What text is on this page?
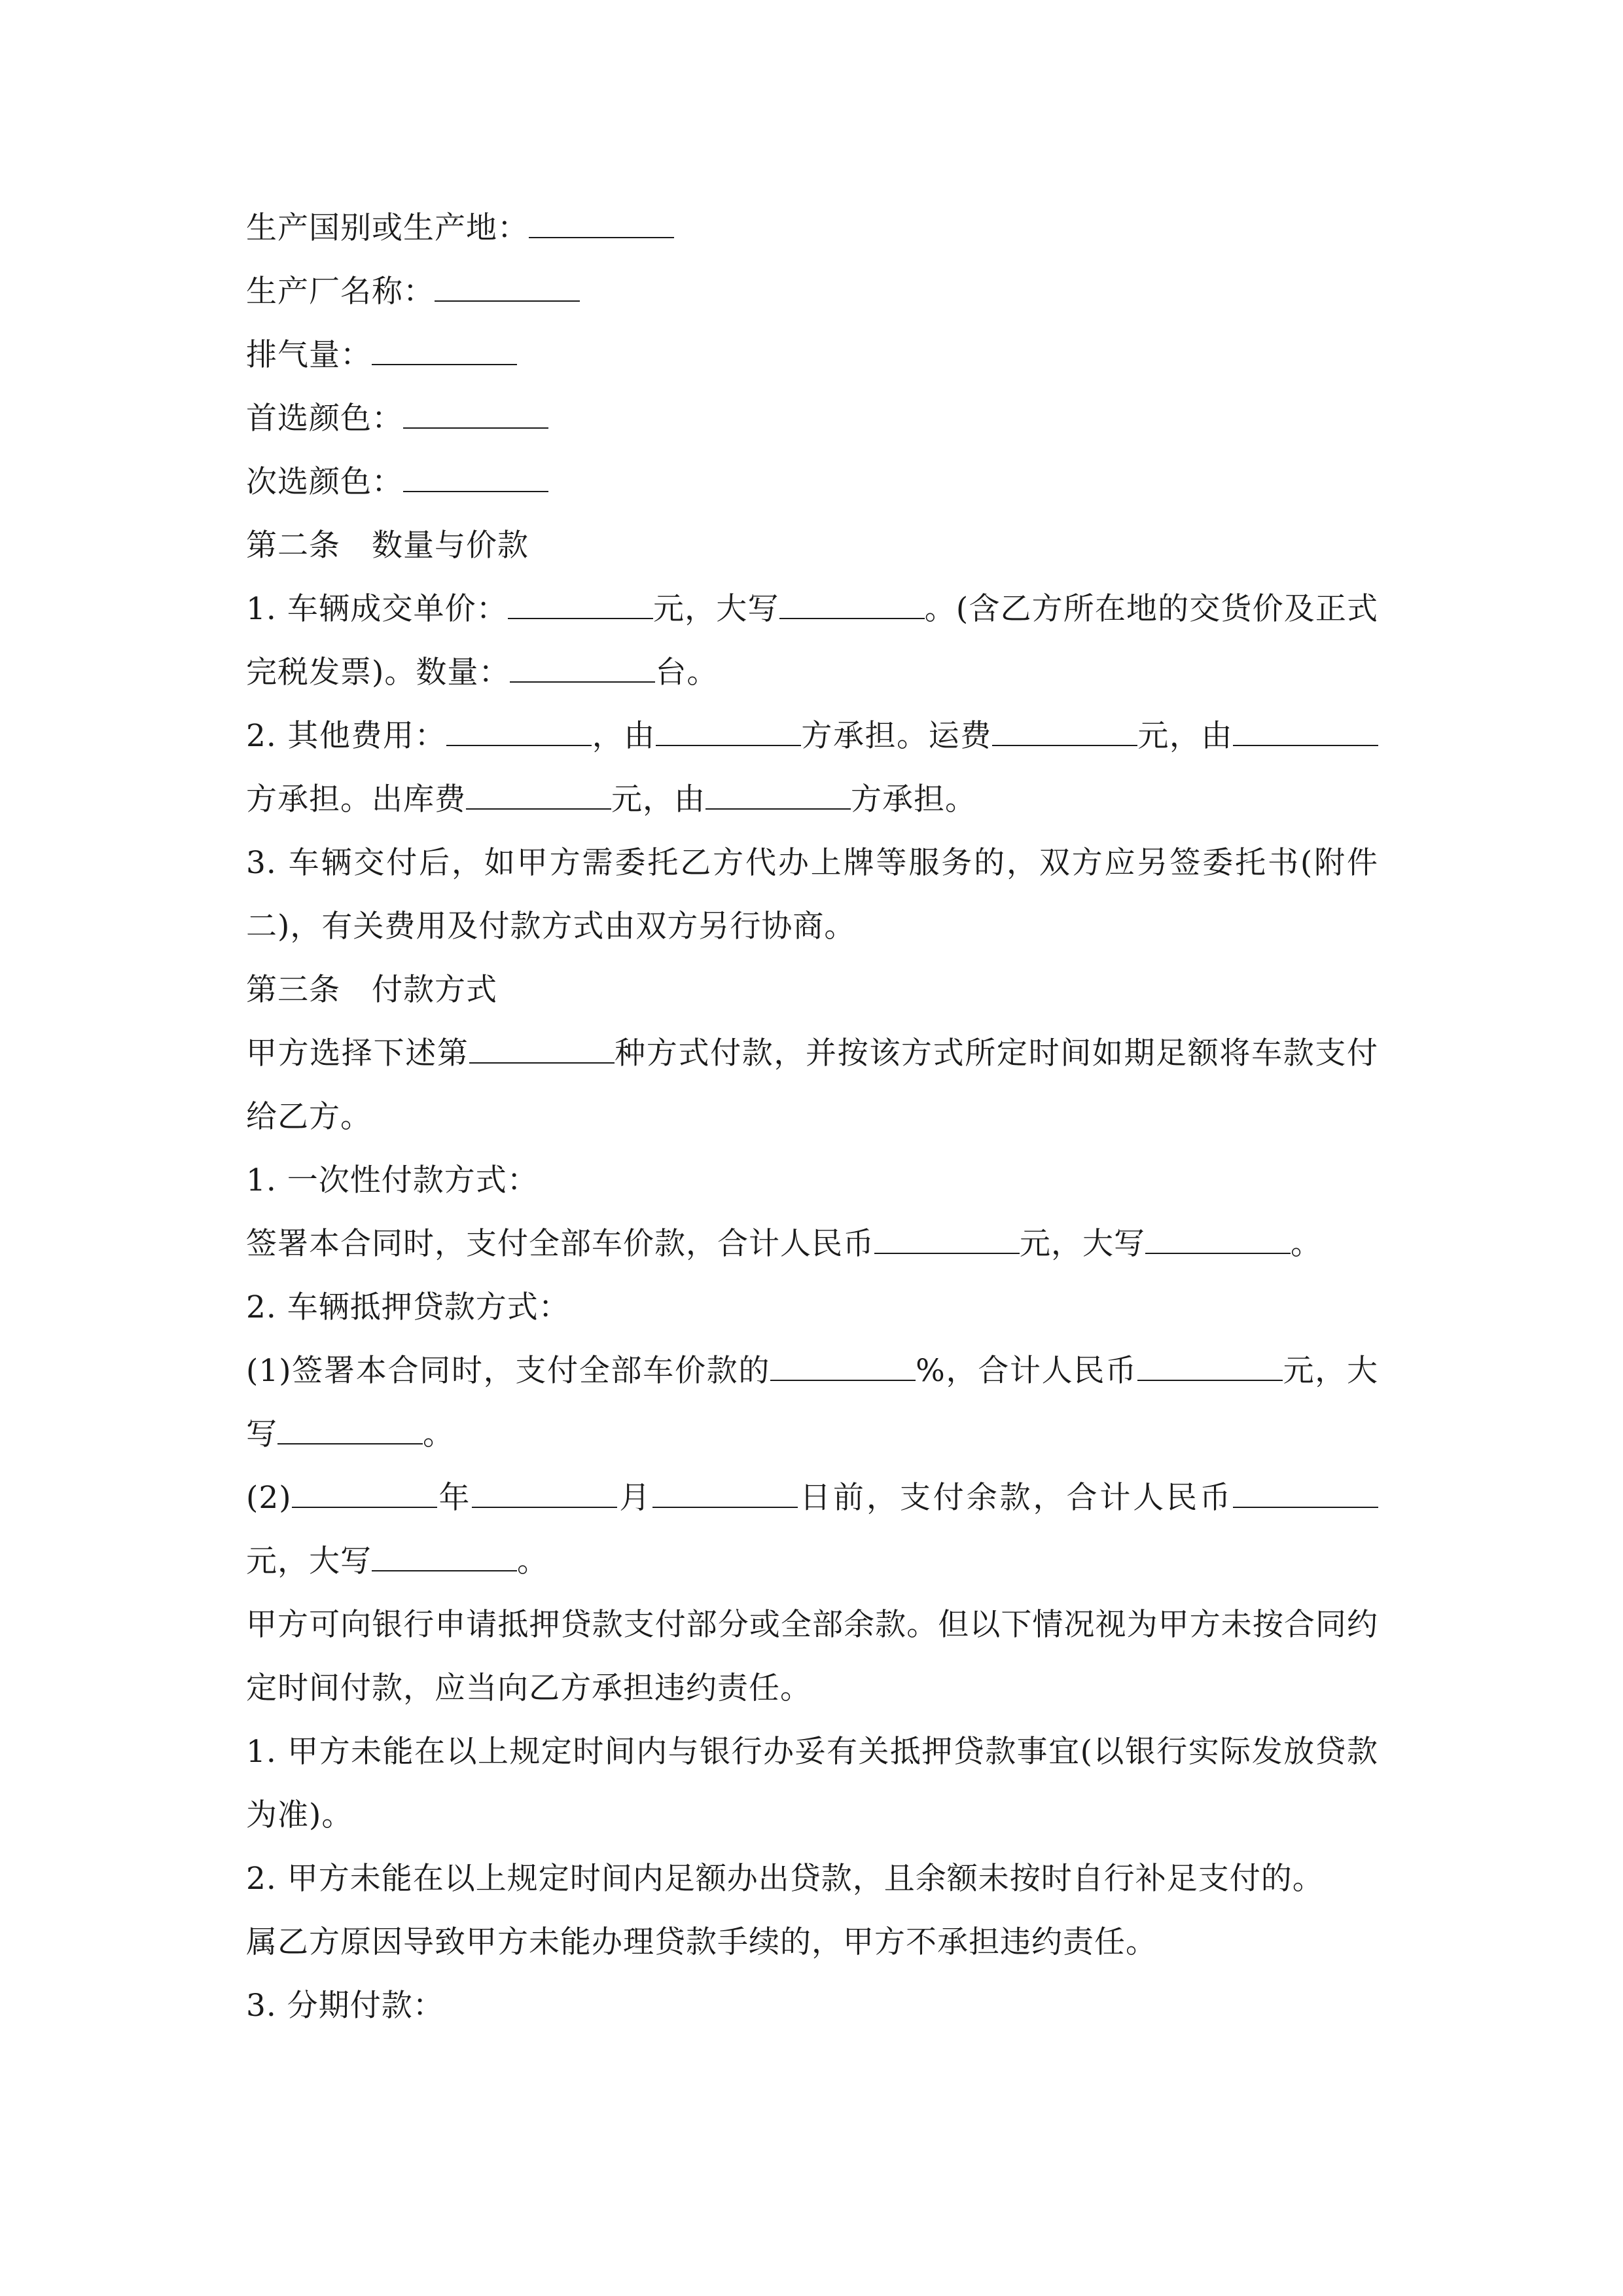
生产国别或生产地：

生产厂名称：

排气量：

首选颜色：

次选颜色：

第二条　数量与价款

1. 车辆成交单价：	元，大写	。(含乙方所在地的交货价及正式完税发票)。数量：	台。

2. 其他费用：	，由	方承担。运费	元，由方承担。出库费	元，由	方承担。

3. 车辆交付后，如甲方需委托乙方代办上牌等服务的，双方应另签委托书(附件二)，有关费用及付款方式由双方另行协商。

第三条　付款方式

甲方选择下述第	种方式付款，并按该方式所定时间如期足额将车款支付给乙方。

1. 一次性付款方式：

签署本合同时，支付全部车价款，合计人民币	元，大写	。

2. 车辆抵押贷款方式：

(1)签署本合同时，支付全部车价款的	%，合计人民币	元，大写	。

(2)	年	月	日前，支付余款，合计人民币元，大写	。

甲方可向银行申请抵押贷款支付部分或全部余款。但以下情况视为甲方未按合同约定时间付款，应当向乙方承担违约责任。

1. 甲方未能在以上规定时间内与银行办妥有关抵押贷款事宜(以银行实际发放贷款为准)。

2. 甲方未能在以上规定时间内足额办出贷款，且余额未按时自行补足支付的。

属乙方原因导致甲方未能办理贷款手续的，甲方不承担违约责任。

3. 分期付款：
